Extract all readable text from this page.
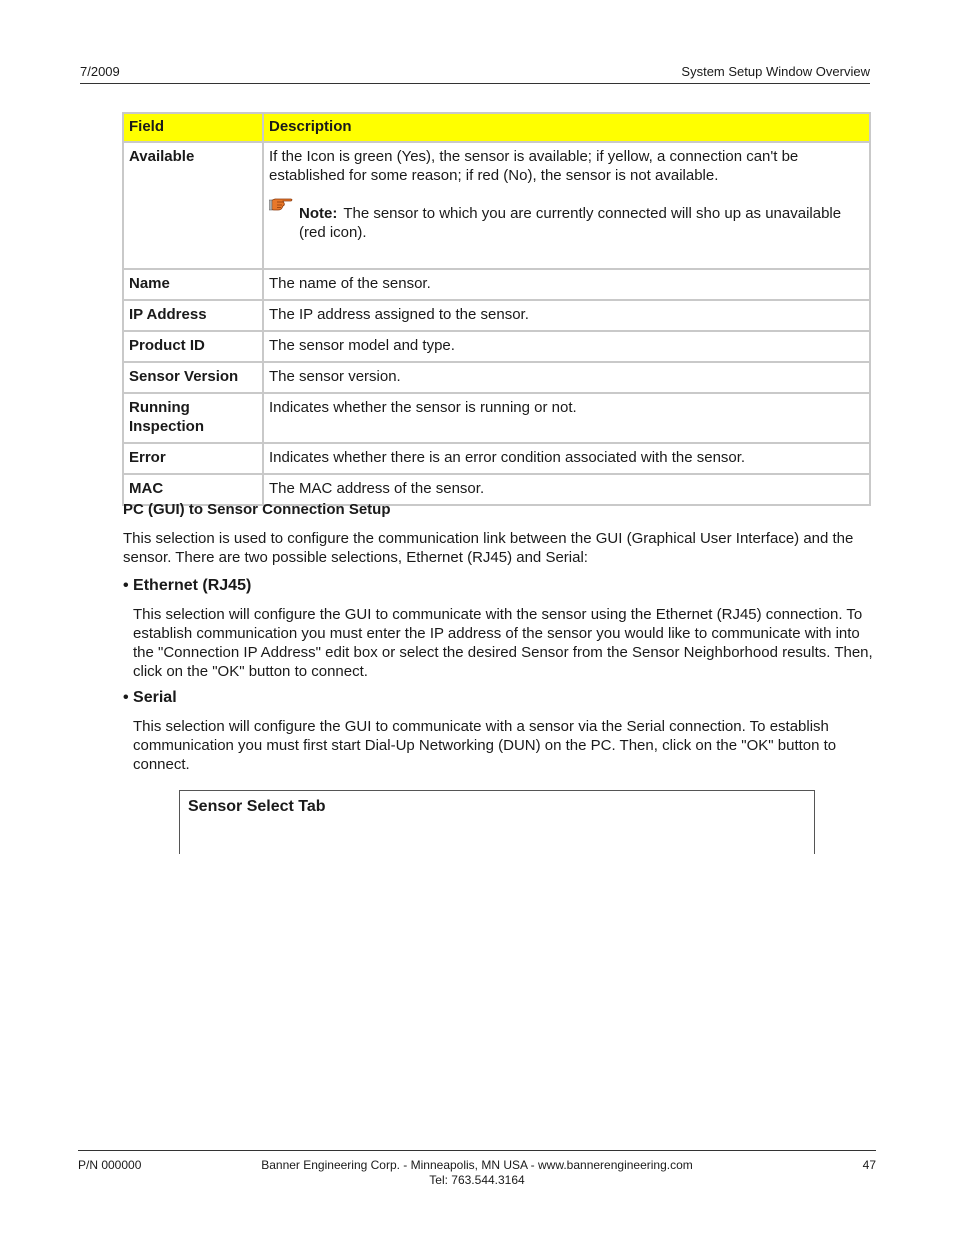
7/2009	System Setup Window Overview
Field	Description
Available	If the Icon is green (Yes), the sensor is available; if yellow, a connection can't be established for some reason; if red (No), the sensor is not available.
Note: The sensor to which you are currently connected will sho up as unavailable (red icon).

Name	The name of the sensor.
IP Address	The IP address assigned to the sensor.
Product ID	The sensor model and type.
Sensor Version	The sensor version.
Running Inspection	Indicates whether the sensor is running or not.
Error	Indicates whether there is an error condition associated with the sensor.
MAC	The MAC address of the sensor.
PC (GUI) to Sensor Connection Setup
This selection is used to configure the communication link between the GUI (Graphical User Interface) and the sensor. There are two possible selections, Ethernet (RJ45) and Serial:
• Ethernet (RJ45)
This selection will configure the GUI to communicate with the sensor using the Ethernet (RJ45) connection. To establish communication you must enter the IP address of the sensor you would like to communicate with into the "Connection IP Address" edit box or select the desired Sensor from the Sensor Neighborhood results. Then, click on the "OK" button to connect.
• Serial
This selection will configure the GUI to communicate with a sensor via the Serial connection. To establish communication you must first start Dial-Up Networking (DUN) on the PC. Then, click on the "OK" button to connect.
Sensor Select Tab
P/N 000000	Banner Engineering Corp. - Minneapolis, MN USA - www.bannerengineering.com
Tel: 763.544.3164
47
